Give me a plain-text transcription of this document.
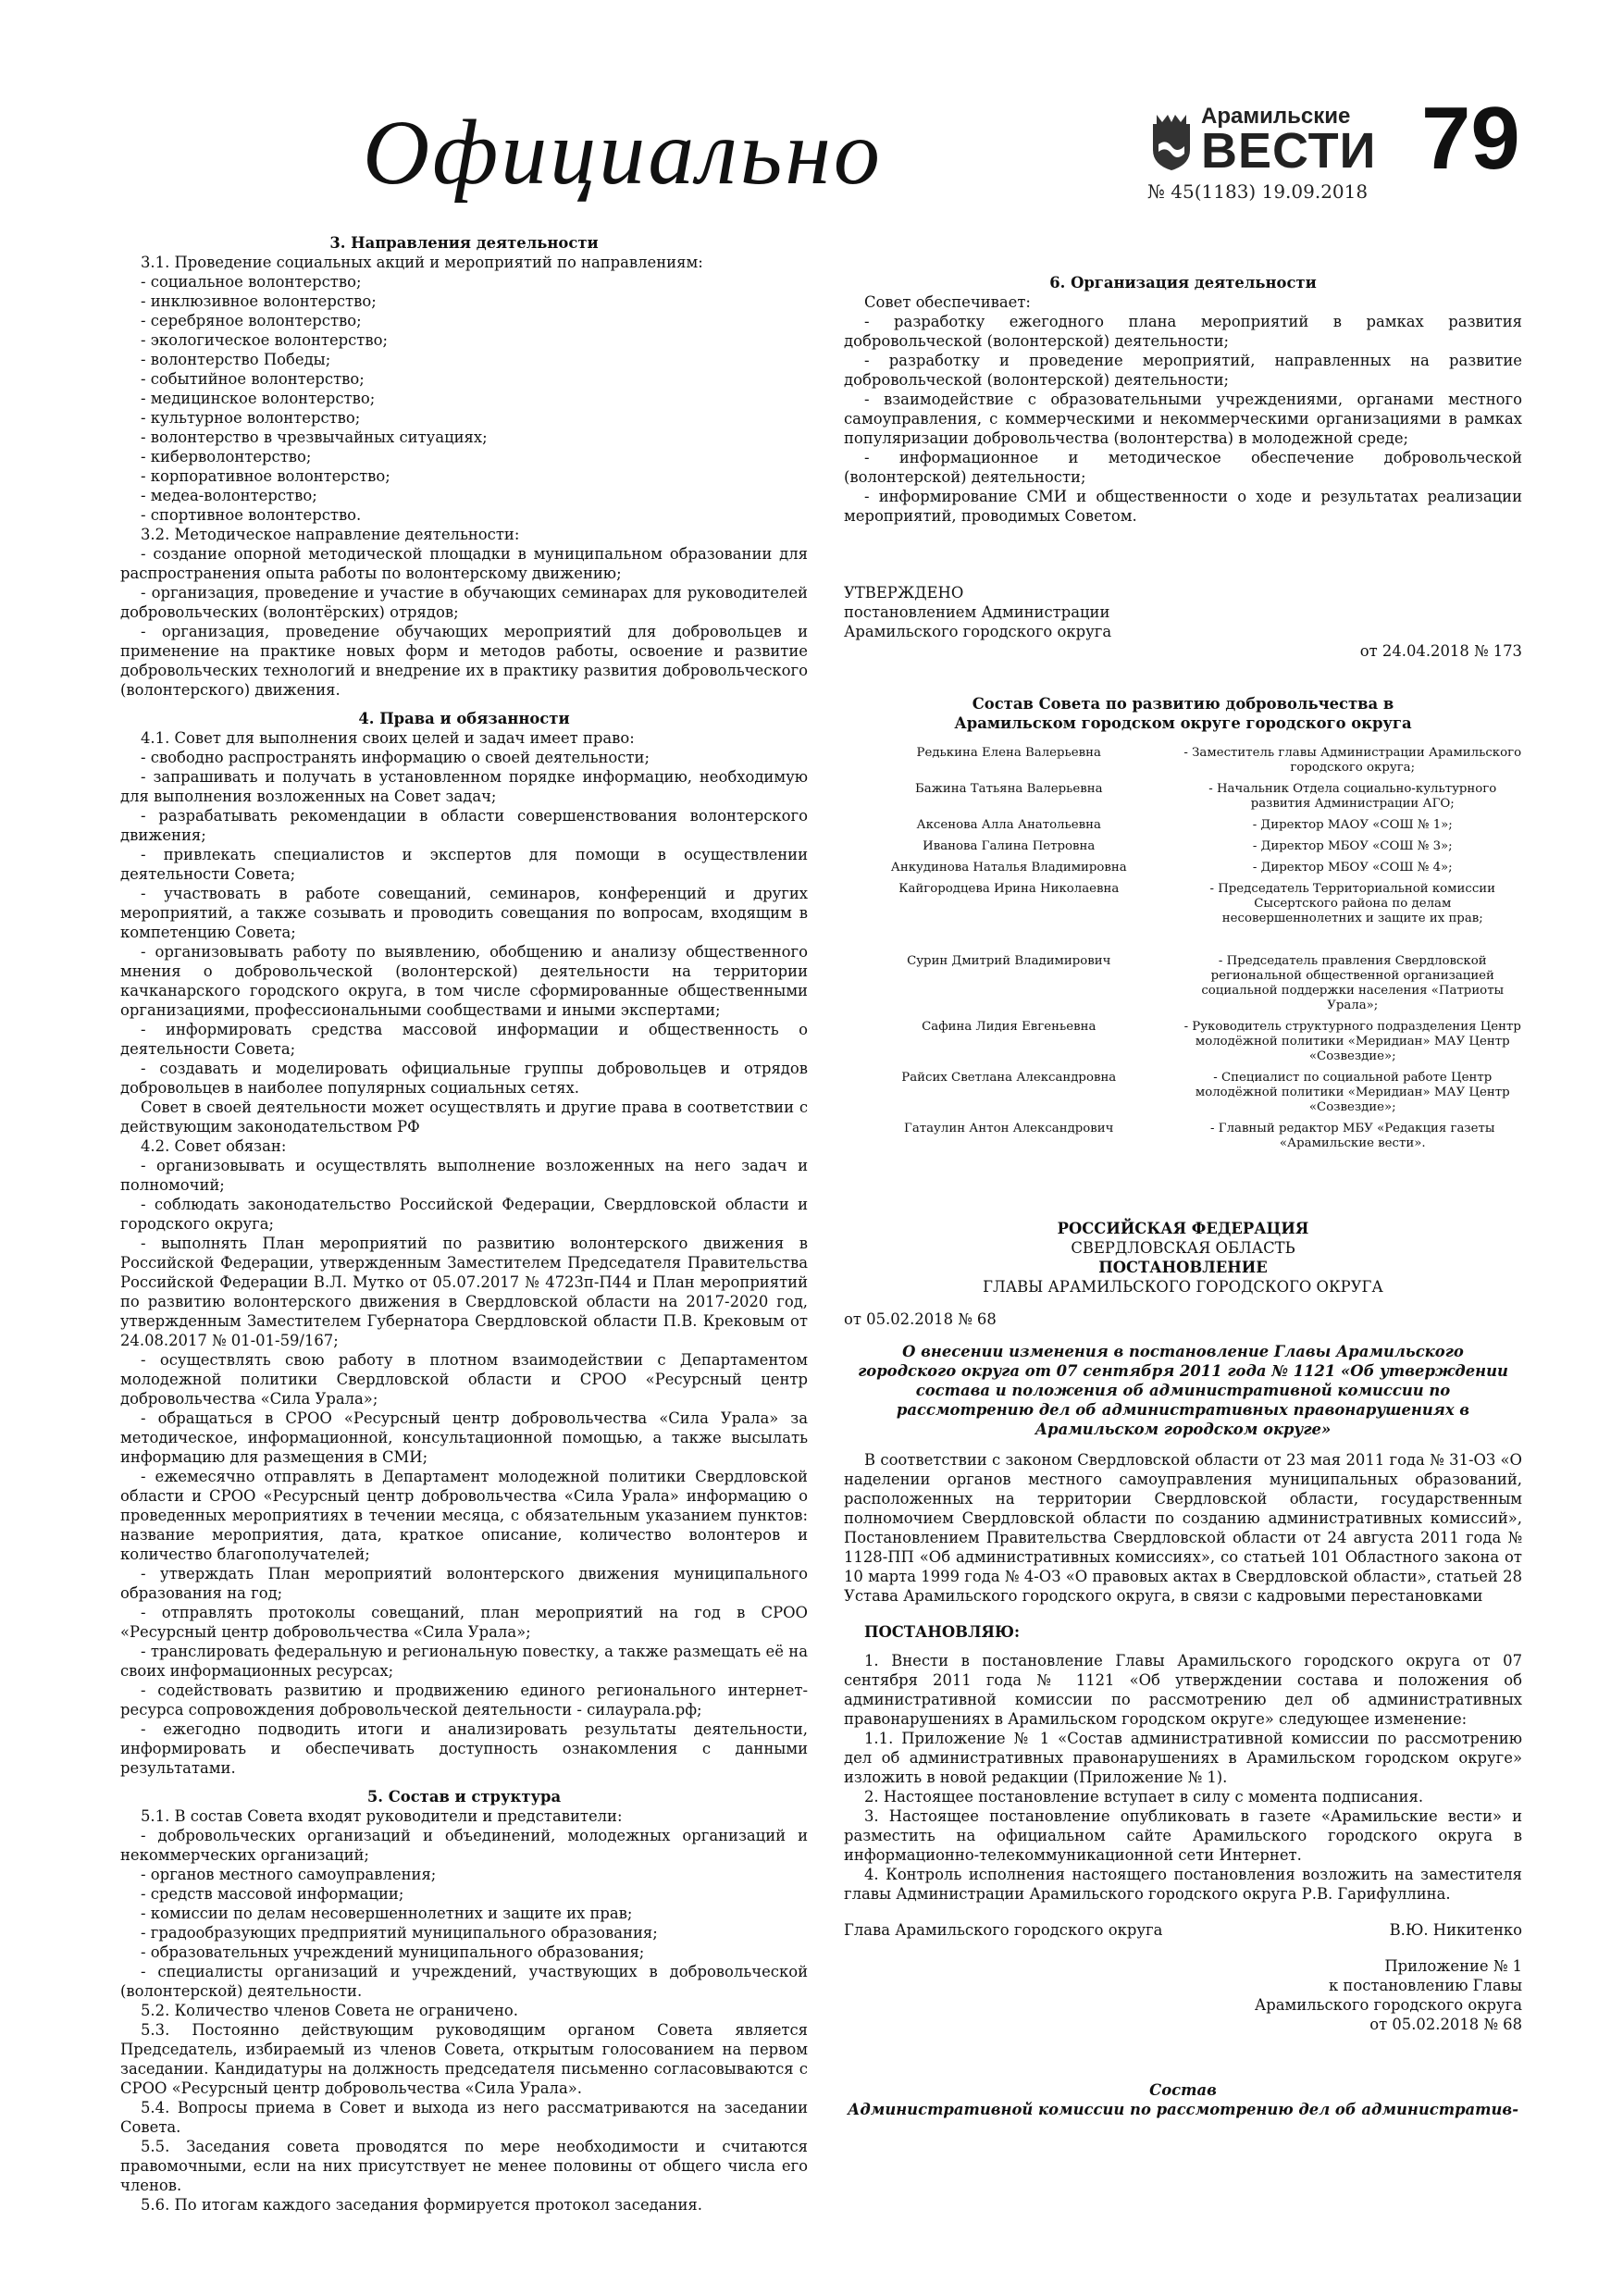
Официально	Арамильские
ВЕСТИ 79
№ 45(1183) 19.09.2018

3. Направления деятельности

3.1. Проведение социальных акций и мероприятий по направлениям:

- социальное волонтерство;

- инклюзивное волонтерство;

- серебряное волонтерство;

- экологическое волонтерство;

- волонтерство Победы;

- событийное волонтерство;

- медицинское волонтерство;

- культурное волонтерство;

- волонтерство в чрезвычайных ситуациях;

- киберволонтерство;

- корпоративное волонтерство;

- медеа-волонтерство;

- спортивное волонтерство.

3.2. Методическое направление деятельности:

- создание опорной методической площадки в муниципальном образовании для распространения опыта работы по волонтерскому движению;

- организация, проведение и участие в обучающих семинарах для руководителей добровольческих (волонтёрских) отрядов;

- организация, проведение обучающих мероприятий для добровольцев и применение на практике новых форм и методов работы, освоение и развитие добровольческих технологий и внедрение их в практику развития добровольческого (волонтерского) движения.

4. Права и обязанности

4.1. Совет для выполнения своих целей и задач имеет право:

- свободно распространять информацию о своей деятельности;

- запрашивать и получать в установленном порядке информацию, необходимую для выполнения возложенных на Совет задач;

- разрабатывать рекомендации в области совершенствования волонтерского движения;

- привлекать специалистов и экспертов для помощи в осуществлении деятельности Совета;

- участвовать в работе совещаний, семинаров, конференций и других мероприятий, а также созывать и проводить совещания по вопросам, входящим в компетенцию Совета;

- организовывать работу по выявлению, обобщению и анализу общественного мнения о добровольческой (волонтерской) деятельности на территории качканарского городского округа, в том числе сформированные общественными организациями, профессиональными сообществами и иными экспертами;

- информировать средства массовой информации и общественность о деятельности Совета;

- создавать и моделировать официальные группы добровольцев и отрядов добровольцев в наиболее популярных социальных сетях.

Совет в своей деятельности может осуществлять и другие права в соответствии с действующим законодательством РФ

4.2. Совет обязан:

- организовывать и осуществлять выполнение возложенных на него задач и полномочий;

- соблюдать законодательство Российской Федерации, Свердловской области и городского округа;

- выполнять План мероприятий по развитию волонтерского движения в Российской Федерации, утвержденным Заместителем Председателя Правительства Российской Федерации В.Л. Мутко от 05.07.2017 № 4723п-П44 и План мероприятий по развитию волонтерского движения в Свердловской области на 2017-2020 год, утвержденным Заместителем Губернатора Свердловской области П.В. Крековым от 24.08.2017 № 01-01-59/167;

- осуществлять свою работу в плотном взаимодействии с Департаментом молодежной политики Свердловской области и СРОО «Ресурсный центр добровольчества «Сила Урала»;

- обращаться в СРОО «Ресурсный центр добровольчества «Сила Урала» за методическое, информационной, консультационной помощью, а также высылать информацию для размещения в СМИ;

- ежемесячно отправлять в Департамент молодежной политики Свердловской области и СРОО «Ресурсный центр добровольчества «Сила Урала» информацию о проведенных мероприятиях в течении месяца, с обязательным указанием пунктов: название мероприятия, дата, краткое описание, количество волонтеров и количество благополучателей;

- утверждать План мероприятий волонтерского движения муниципального образования на год;

- отправлять протоколы совещаний, план мероприятий на год в СРОО «Ресурсный центр добровольчества «Сила Урала»;

- транслировать федеральную и региональную повестку, а также размещать её на своих информационных ресурсах;

- содействовать развитию и продвижению единого регионального интернет-ресурса сопровождения добровольческой деятельности - силаурала.рф;

- ежегодно подводить итоги и анализировать результаты деятельности, информировать и обеспечивать доступность ознакомления с данными результатами.

5. Состав и структура

5.1. В состав Совета входят руководители и представители:

- добровольческих организаций и объединений, молодежных организаций и некоммерческих организаций;

- органов местного самоуправления;

- средств массовой информации;

- комиссии по делам несовершеннолетних и защите их прав;

- градообразующих предприятий муниципального образования;

- образовательных учреждений муниципального образования;

- специалисты организаций и учреждений, участвующих в добровольческой (волонтерской) деятельности.

5.2. Количество членов Совета не ограничено.

5.3. Постоянно действующим руководящим органом Совета является Председатель, избираемый из членов Совета, открытым голосованием на первом заседании. Кандидатуры на должность председателя письменно согласовываются с СРОО «Ресурсный центр добровольчества «Сила Урала».

5.4. Вопросы приема в Совет и выхода из него рассматриваются на заседании Совета.

5.5. Заседания совета проводятся по мере необходимости и считаются правомочными, если на них присутствует не менее половины от общего числа его членов.

5.6. По итогам каждого заседания формируется протокол заседания.

6. Организация деятельности

Совет обеспечивает:

- разработку ежегодного плана мероприятий в рамках развития добровольческой (волонтерской) деятельности;

- разработку и проведение мероприятий, направленных на развитие добровольческой (волонтерской) деятельности;

- взаимодействие с образовательными учреждениями, органами местного самоуправления, с коммерческими и некоммерческими организациями в рамках популяризации добровольчества (волонтерства) в молодежной среде;

- информационное и методическое обеспечение добровольческой (волонтерской) деятельности;

- информирование СМИ и общественности о ходе и результатах реализации мероприятий, проводимых Советом.

УТВЕРЖДЕНО

постановлением Администрации

Арамильского городского округа

от 24.04.2018 № 173

Состав Совета по развитию добровольчества в

Арамильском городском округе городского округа

Редькина Елена Валерьевна	- Заместитель главы Администрации Арамильского городского округа;
Бажина Татьяна Валерьевна	- Начальник Отдела социально-культурного развития Администрации АГО;
Аксенова Алла Анатольевна	- Директор МАОУ «СОШ № 1»;
Иванова Галина Петровна	- Директор МБОУ «СОШ № 3»;
Анкудинова Наталья Владимировна	- Директор МБОУ «СОШ № 4»;
Кайгородцева Ирина Николаевна	- Председатель Территориальной комиссии Сысертского района по делам несовершеннолетних и защите их прав;
Сурин Дмитрий Владимирович	- Председатель правления Свердловской региональной общественной организацией социальной поддержки населения «Патриоты Урала»;
Сафина Лидия Евгеньевна	- Руководитель структурного подразделения Центр молодёжной политики «Меридиан» МАУ Центр «Созвездие»;
Райсих Светлана Александровна	- Специалист по социальной работе Центр молодёжной политики «Меридиан» МАУ Центр «Созвездие»;
Гатаулин Антон Александрович	- Главный редактор МБУ «Редакция газеты «Арамильские вести».

РОССИЙСКАЯ ФЕДЕРАЦИЯ

СВЕРДЛОВСКАЯ ОБЛАСТЬ

ПОСТАНОВЛЕНИЕ

ГЛАВЫ АРАМИЛЬСКОГО ГОРОДСКОГО ОКРУГА

от 05.02.2018 № 68

О внесении изменения в постановление Главы Арамильского городского округа от 07 сентября 2011 года № 1121 «Об утверждении состава и положения об административной комиссии по рассмотрению дел об административных правонарушениях в Арамильском городском округе»

В соответствии с законом Свердловской области от 23 мая 2011 года № 31-ОЗ «О наделении органов местного самоуправления муниципальных образований, расположенных на территории Свердловской области, государственным полномочием Свердловской области по созданию административных комиссий», Постановлением Правительства Свердловской области от 24 августа 2011 года № 1128-ПП «Об административных комиссиях», со статьей 101 Областного закона от 10 марта 1999 года № 4-ОЗ «О правовых актах в Свердловской области», статьей 28 Устава Арамильского городского округа, в связи с кадровыми перестановками

ПОСТАНОВЛЯЮ:

1. Внести в постановление Главы Арамильского городского округа от 07 сентября 2011 года № 1121 «Об утверждении состава и положения об административной комиссии по рассмотрению дел об административных правонарушениях в Арамильском городском округе» следующее изменение:

1.1. Приложение № 1 «Состав административной комиссии по рассмотрению дел об административных правонарушениях в Арамильском городском округе» изложить в новой редакции (Приложение № 1).

2. Настоящее постановление вступает в силу с момента подписания.

3. Настоящее постановление опубликовать в газете «Арамильские вести» и разместить на официальном сайте Арамильского городского округа в информационно-телекоммуникационной сети Интернет.

4. Контроль исполнения настоящего постановления возложить на заместителя главы Администрации Арамильского городского округа Р.В. Гарифуллина.

Глава Арамильского городского округа	В.Ю. Никитенко

Приложение № 1

к постановлению Главы

Арамильского городского округа

от 05.02.2018 № 68

Состав

Административной комиссии по рассмотрению дел об административ-
